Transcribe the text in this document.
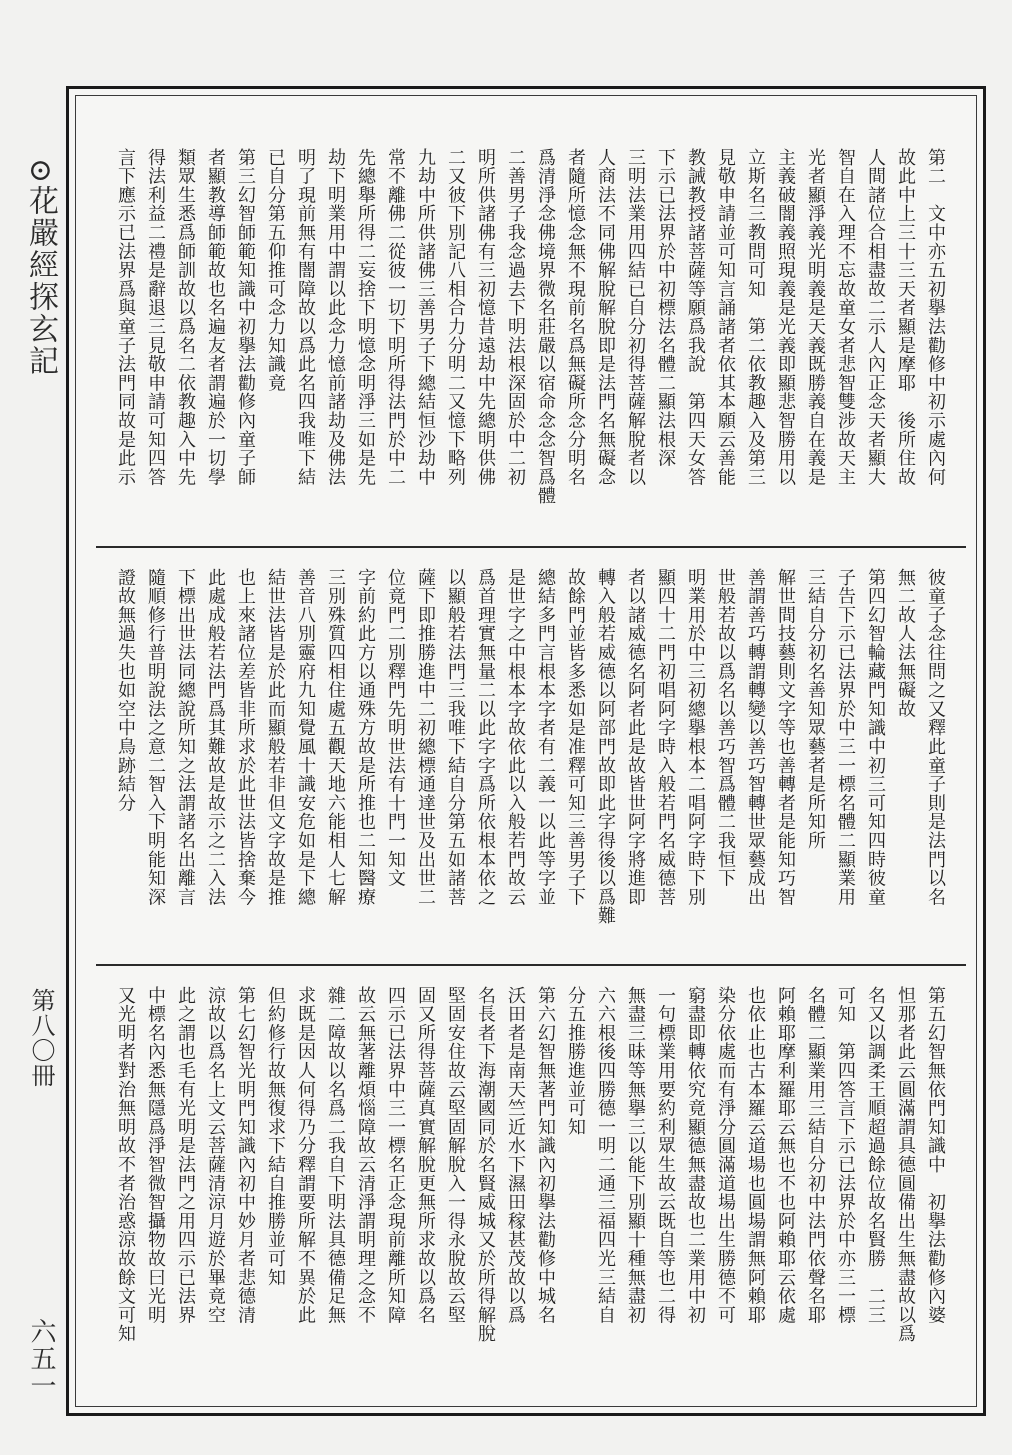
⊙花嚴經探玄記
第八〇冊
六五一

第二　文中亦五初擧法勸修中初示處內何

故此中上三十三天者顯是摩耶　後所住故

人間諸位合相盡故二示人內正念天者顯大

智自在入理不忘故童女者悲智雙涉故天主

光者顯淨義光明義是天義既勝義自在義是

主義破闇義照現義是光義即顯悲智勝用以

立斯名三教問可知　第二依教趣入及第三

見敬申請並可知言誦諸者依其本願云善能

教誡教授諸菩薩等願爲我說　第四天女答

下示已法界於中初標法名體二顯法根深

三明法業用四結已自分初得菩薩解脫者以

人商法不同佛解脫解脫即是法門名無礙念

者隨所憶念無不現前名爲無礙所念分明名

爲清淨念佛境界微名莊嚴以宿命念念智爲體

二善男子我念過去下明法根深固於中二初

明所供諸佛有三初憶昔遠劫中先總明供佛

二又彼下別記八相合力分明二又憶下略列

九劫中所供諸佛三善男子下總結恒沙劫中

常不離佛二從彼一切下明所得法門於中二

先總舉所得二妄捨下明憶念明淨三如是先

劫下明業用中謂以此念力憶前諸劫及佛法

明了現前無有闇障故以爲此名四我唯下結

已自分第五仰推可念力知識竟

第三幻智師範知識中初擧法勸修內童子師

者顯教導師範故也名遍友者謂遍於一切學

類眾生悉爲師訓故以爲名二依教趣入中先

得法利益二禮是辭退三見敬申請可知四答

言下應示已法界爲與童子法門同故是此示

彼童子念往問之又釋此童子則是法門以名

無二故人法無礙故

第四幻智輪藏門知識中初三可知四時彼童

子告下示已法界於中三一標名體二顯業用

三結自分初名善知眾藝者是所知所

解世間技藝則文字等也善轉者是能知巧智

善謂善巧轉謂轉變以善巧智轉世眾藝成出

世般若故以爲名以善巧智爲體二我恒下

明業用於中三初總擧根本二唱阿字時下別

顯四十二門初唱阿字時入般若門名威德菩

者以諸威德名阿者此是故皆世阿字將進即

轉入般若威德以阿部門故即此字得後以爲難

故餘門並皆多悉如是准釋可知三善男子下

總結多門言根本字者有二義一以此等字並

是世字之中根本字故依此以入般若門故云

爲首理實無量二以此字字爲所依根本依之

以顯般若法門三我唯下結自分第五如諸菩

薩下即推勝進中二初總標通達世及出世二

位竟門二別釋門先明世法有十門一知文

字前約此方以通殊方故是所推也二知醫療

三別殊質四相住處五觀天地六能相人七解

善音八別靈府九知覺風十識安危如是下總

結世法皆是於此而顯般若非但文字故是推

也上來諸位差皆非所求於此世法皆捨棄今

此處成般若法門爲其難故是故示之二入法

下標出世法同總說所知之法謂諸名出離言

隨順修行普明說法之意二智入下明能知深

證故無過失也如空中鳥跡結分

第五幻智無依門知識中　初擧法勸修內婆

怛那者此云圓滿謂具德圓備出生無盡故以爲

名又以調柔王順超過餘位故名賢勝　二三

可知　第四答言下示已法界於中亦三一標

名體二顯業用三結自分初中法門依聲名耶

阿賴耶摩利羅耶云無也不也阿賴耶云依處

也依止也古本羅云道場也圓場謂無阿賴耶

染分依處而有淨分圓滿道場出生勝德不可

窮盡即轉依究竟顯德無盡故也二業用中初

一句標業用要約利眾生故云既自等也二得

無盡三昧等無擧三以能下別顯十種無盡初

六六根後四勝德一明二通三福四光三結自

分五推勝進並可知

第六幻智無著門知識內初擧法勸修中城名

沃田者是南天竺近水下濕田稼甚茂故以爲

名長者下海潮國同於名賢威城又於所得解脫

堅固安住故云堅固解脫入一得永脫故云堅

固又所得菩薩真實解脫更無所求故以爲名

四示已法界中三一標名正念現前離所知障

故云無著離煩惱障故云清淨謂明理之念不

雜二障故以名爲二我自下明法具德備足無

求既是因人何得乃分釋謂要所解不異於此

但約修行故無復求下結自推勝並可知

第七幻智光明門知識內初中妙月者悲德清

涼故以爲名上文云菩薩清涼月遊於畢竟空

此之謂也毛有光明是法門之用四示已法界

中標名內悉無隱爲淨智微智攝物故曰光明

又光明者對治無明故不者治惑涼故餘文可知
